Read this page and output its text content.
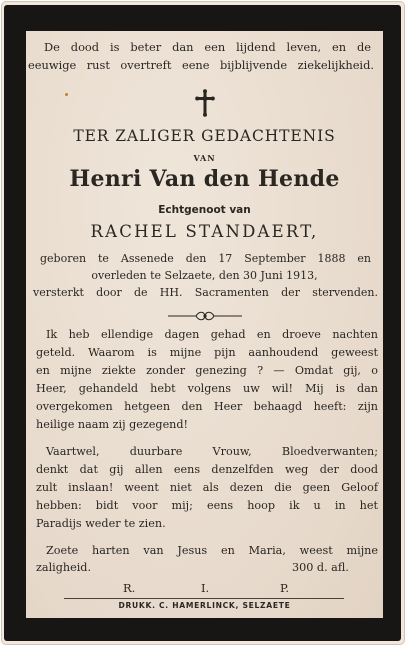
De dood is beter dan een lijdend leven, en de
eeuwige rust overtreft eene bijblijvende ziekelijkheid.
TER ZALIGER GEDACHTENIS
VAN
Henri Van den Hende
Echtgenoot van
RACHEL STANDAERT,
geboren te Assenede den 17 September 1888 en
overleden te Selzaete, den 30 Juni 1913,
versterkt door de HH. Sacramenten der stervenden.
Ik heb ellendige dagen gehad en droeve nachten
geteld. Waarom is mijne pijn aanhoudend geweest
en mijne ziekte zonder genezing ? — Omdat gij, o
Heer, gehandeld hebt volgens uw wil! Mij is dan
overgekomen hetgeen den Heer behaagd heeft: zijn
heilige naam zij gezegend!
Vaartwel, duurbare Vrouw, Bloedverwanten;
denkt dat gij allen eens denzelfden weg der dood
zult inslaan! weent niet als dezen die geen Geloof
hebben: bidt voor mij; eens hoop ik u in het
Paradijs weder te zien.
Zoete harten van Jesus en Maria, weest mijne
zaligheid.	300 d. afl.
R.	I.	P.
DRUKK. C. HAMERLINCK, SELZAETE
